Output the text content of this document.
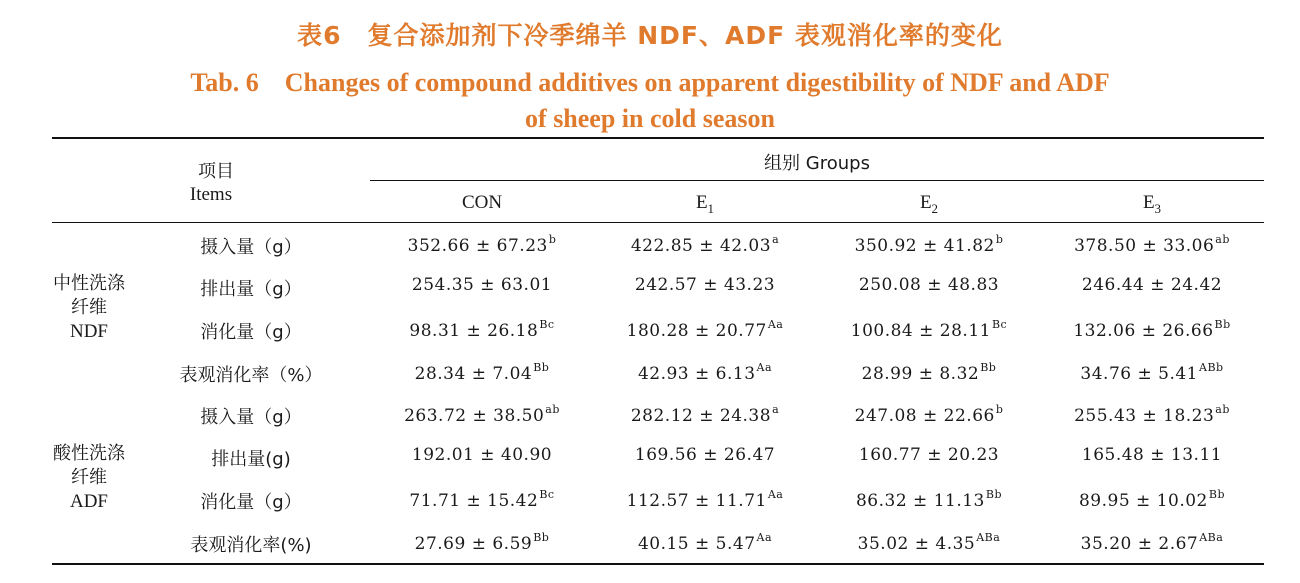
表6　复合添加剂下冷季绵羊 NDF、ADF 表观消化率的变化
Tab. 6　Changes of compound additives on apparent digestibility of NDF and ADF
of sheep in cold season
项目
Items
组别 Groups
CON	$E_1$	$E_2$	$E_3$
中性洗涤
纤维
NDF
摄入量（g）	352.66 ± 67.23$^b$	422.85 ± 42.03$^a$	350.92 ± 41.82$^b$	378.50 ± 33.06$^{ab}$
排出量（g）	254.35 ± 63.01	242.57 ± 43.23	250.08 ± 48.83	246.44 ± 24.42
消化量（g）	$98.31 \pm 26.18^{Bc}$	$180.28 \pm 20.77^{Aa}$	$100.84 \pm 28.11^{Bc}$	$132.06 \pm 26.66^{Bb}$
表观消化率（%）	$28.34 \pm 7.04^{Bb}$	$42.93 \pm 6.13^{Aa}$	$28.99 \pm 8.32^{Bb}$	$34.76 \pm 5.41^{ABb}$
酸性洗涤
纤维
ADF
摄入量（g）	263.72 ± 38.50$^{ab}$	282.12 ± 24.38$^a$	247.08 ± 22.66$^b$	255.43 ± 18.23$^{ab}$
排出量(g)	192.01 ± 40.90	169.56 ± 26.47	160.77 ± 20.23	165.48 ± 13.11
消化量（g）	$71.71 \pm 15.42^{Bc}$	$112.57 \pm 11.71^{Aa}$	$86.32 \pm 11.13^{Bb}$	$89.95 \pm 10.02^{Bb}$
表观消化率(%)	$27.69 \pm 6.59^{Bb}$	$40.15 \pm 5.47^{Aa}$	$35.02 \pm 4.35^{ABa}$	$35.20 \pm 2.67^{ABa}$
